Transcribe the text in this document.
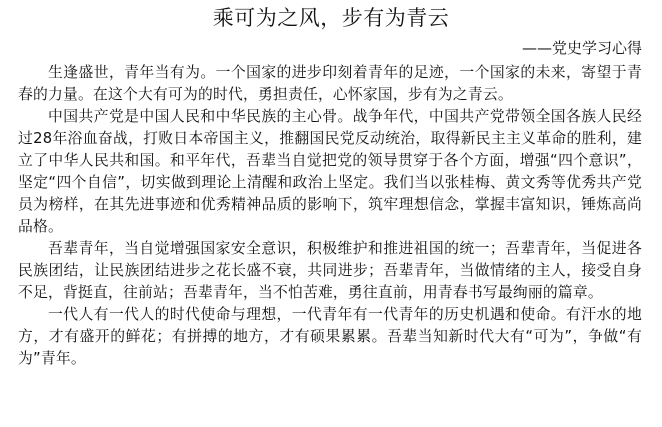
乘可为之风，步有为青云
——党史学习心得

生逢盛世，青年当有为。一个国家的进步印刻着青年的足迹，一个国家的未来，寄望于青春的力量。在这个大有可为的时代，勇担责任，心怀家国，步有为之青云。

中国共产党是中国人民和中华民族的主心骨。战争年代，中国共产党带领全国各族人民经过28年浴血奋战，打败日本帝国主义，推翻国民党反动统治，取得新民主主义革命的胜利，建立了中华人民共和国。和平年代，吾辈当自觉把党的领导贯穿于各个方面，增强“四个意识”，坚定“四个自信”，切实做到理论上清醒和政治上坚定。我们当以张桂梅、黄文秀等优秀共产党员为榜样，在其先进事迹和优秀精神品质的影响下，筑牢理想信念，掌握丰富知识，锤炼高尚品格。

吾辈青年，当自觉增强国家安全意识，积极维护和推进祖国的统一；吾辈青年，当促进各民族团结，让民族团结进步之花长盛不衰，共同进步；吾辈青年，当做情绪的主人，接受自身不足，背挺直，往前站；吾辈青年，当不怕苦难，勇往直前，用青春书写最绚丽的篇章。

一代人有一代人的时代使命与理想，一代青年有一代青年的历史机遇和使命。有汗水的地方，才有盛开的鲜花；有拼搏的地方，才有硕果累累。吾辈当知新时代大有“可为”，争做“有为”青年。
